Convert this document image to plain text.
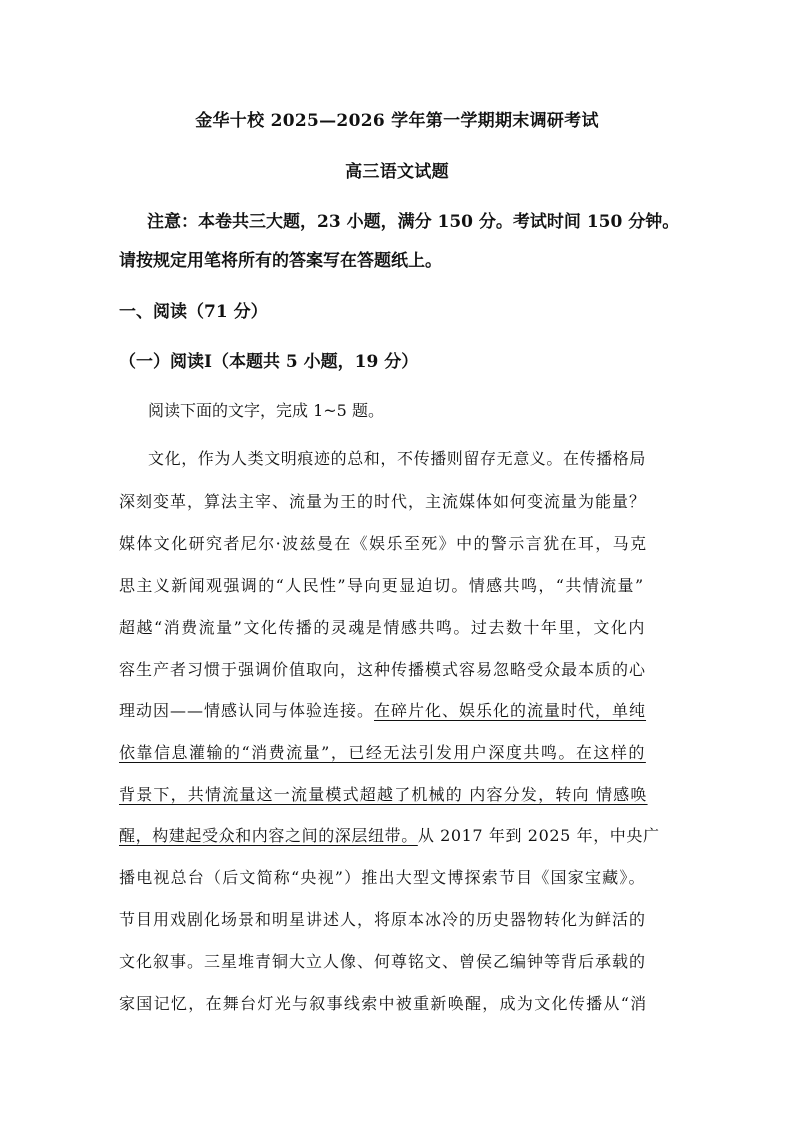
金华十校 2025—2026 学年第一学期期末调研考试
高三语文试题
注意：本卷共三大题，23 小题，满分 150 分。考试时间 150 分钟。
请按规定用笔将所有的答案写在答题纸上。
一、阅读（71 分）
（一）阅读Ⅰ（本题共 5 小题，19 分）
阅读下面的文字，完成 1~5 题。
文化，作为人类文明痕迹的总和，不传播则留存无意义。在传播格局
深刻变革，算法主宰、流量为王的时代，主流媒体如何变流量为能量？
媒体文化研究者尼尔·波兹曼在《娱乐至死》中的警示言犹在耳，马克
思主义新闻观强调的“人民性”导向更显迫切。情感共鸣，“共情流量”
超越“消费流量”文化传播的灵魂是情感共鸣。过去数十年里，文化内
容生产者习惯于强调价值取向，这种传播模式容易忽略受众最本质的心
理动因——情感认同与体验连接。在碎片化、娱乐化的流量时代，单纯
依靠信息灌输的“消费流量”，已经无法引发用户深度共鸣。在这样的
背景下，共情流量这一流量模式超越了机械的 内容分发，转向 情感唤
醒，构建起受众和内容之间的深层纽带。从 2017 年到 2025 年，中央广
播电视总台（后文简称“央视”）推出大型文博探索节目《国家宝藏》。
节目用戏剧化场景和明星讲述人，将原本冰冷的历史器物转化为鲜活的
文化叙事。三星堆青铜大立人像、何尊铭文、曾侯乙编钟等背后承载的
家国记忆，在舞台灯光与叙事线索中被重新唤醒，成为文化传播从“消
